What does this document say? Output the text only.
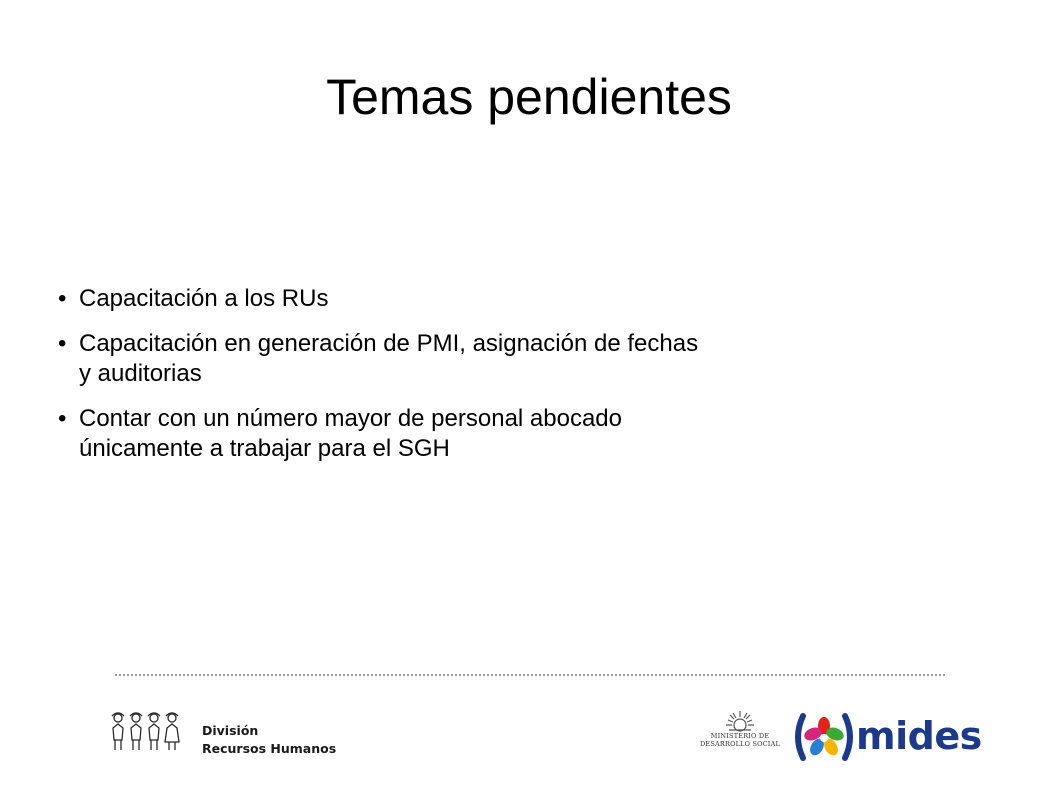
Temas pendientes
• Capacitación a los RUs
• Capacitación en generación de PMI, asignación de fechas
y auditorias
• Contar con un número mayor de personal abocado
únicamente a trabajar para el SGH
División
Recursos Humanos
MINISTERIO DE
DESARROLLO SOCIAL mides
